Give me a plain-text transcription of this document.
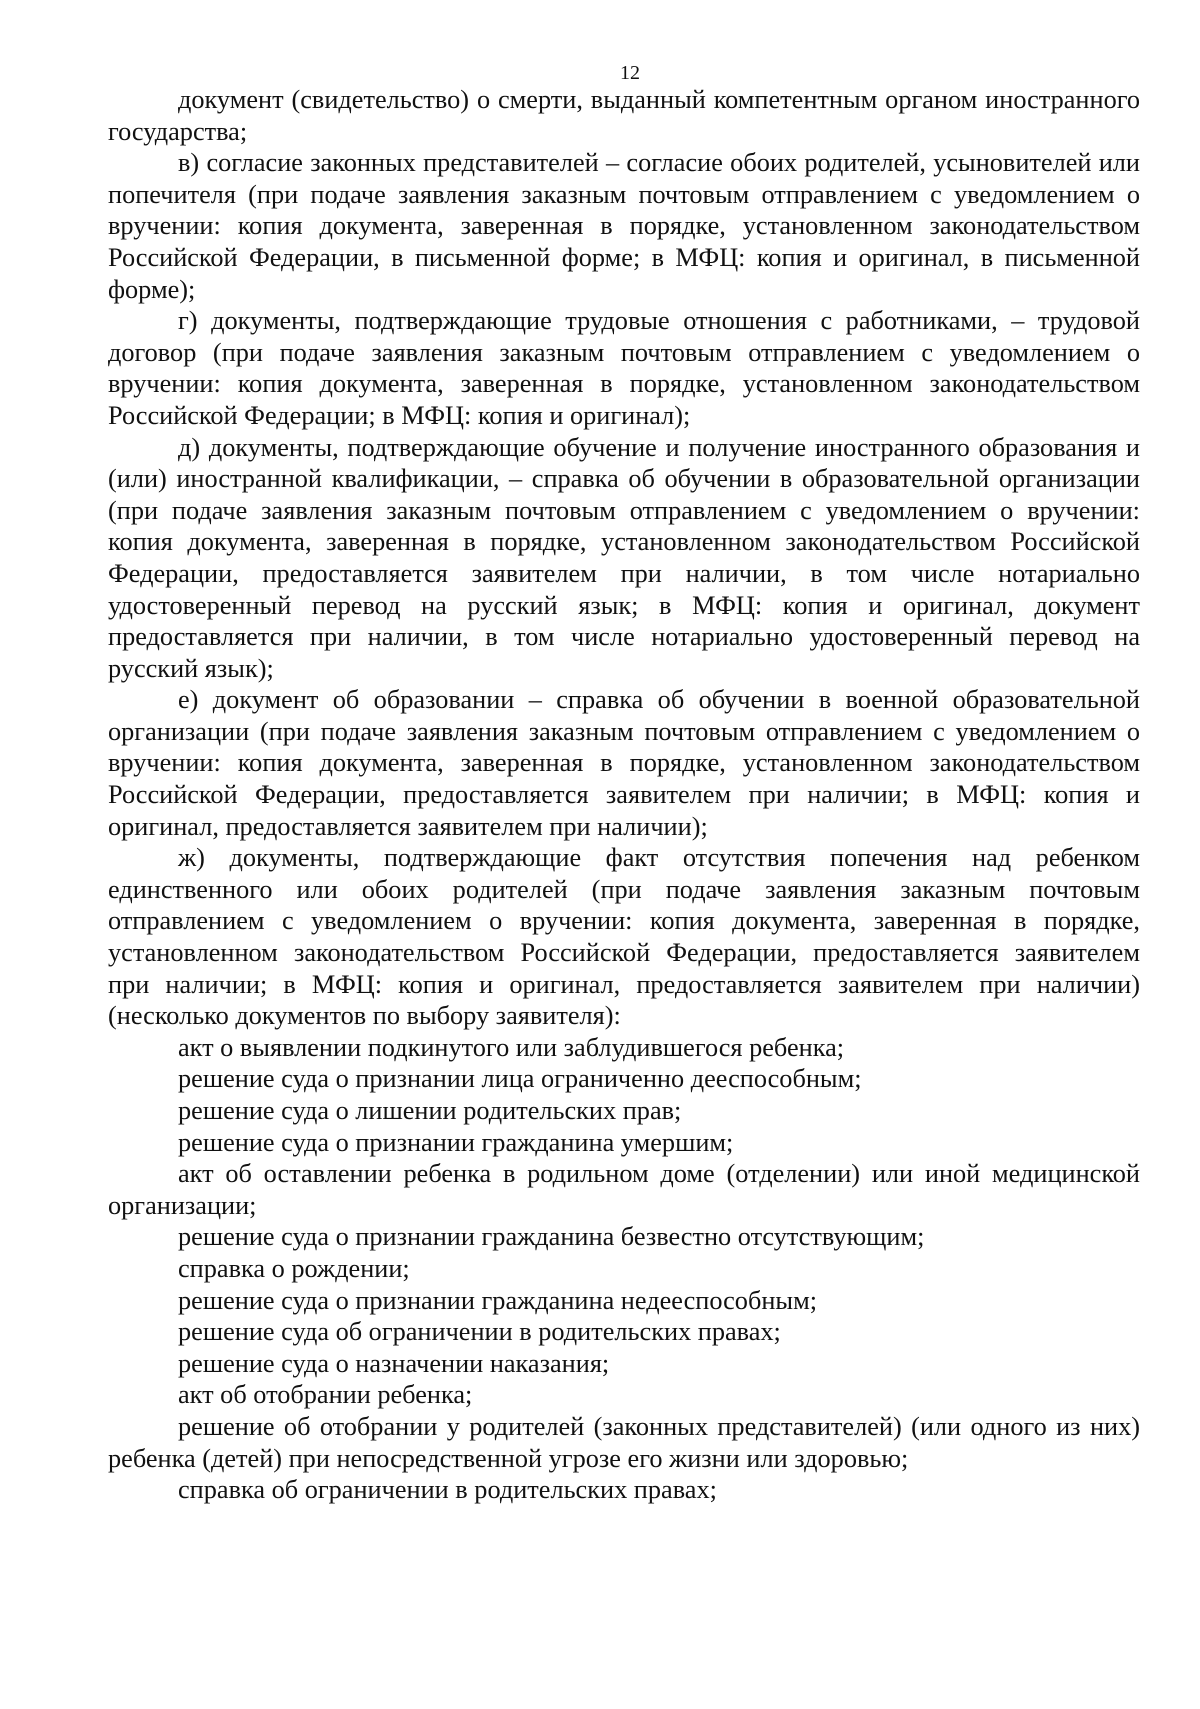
12

документ (свидетельство) о смерти, выданный компетентным органом иностранного государства;

в) согласие законных представителей – согласие обоих родителей, усыновителей или попечителя (при подаче заявления заказным почтовым отправлением с уведомлением о вручении: копия документа, заверенная в порядке, установленном законодательством Российской Федерации, в письменной форме; в МФЦ: копия и оригинал, в письменной форме);

г) документы, подтверждающие трудовые отношения с работниками, – трудовой договор (при подаче заявления заказным почтовым отправлением с уведомлением о вручении: копия документа, заверенная в порядке, установленном законодательством Российской Федерации; в МФЦ: копия и оригинал);

д) документы, подтверждающие обучение и получение иностранного образования и (или) иностранной квалификации, – справка об обучении в образовательной организации (при подаче заявления заказным почтовым отправлением с уведомлением о вручении: копия документа, заверенная в порядке, установленном законодательством Российской Федерации, предоставляется заявителем при наличии, в том числе нотариально удостоверенный перевод на русский язык; в МФЦ: копия и оригинал, документ предоставляется при наличии, в том числе нотариально удостоверенный перевод на русский язык);

е) документ об образовании – справка об обучении в военной образовательной организации (при подаче заявления заказным почтовым отправлением с уведомлением о вручении: копия документа, заверенная в порядке, установленном законодательством Российской Федерации, предоставляется заявителем при наличии; в МФЦ: копия и оригинал, предоставляется заявителем при наличии);

ж) документы, подтверждающие факт отсутствия попечения над ребенком единственного или обоих родителей (при подаче заявления заказным почтовым отправлением с уведомлением о вручении: копия документа, заверенная в порядке, установленном законодательством Российской Федерации, предоставляется заявителем при наличии; в МФЦ: копия и оригинал, предоставляется заявителем при наличии) (несколько документов по выбору заявителя):

акт о выявлении подкинутого или заблудившегося ребенка;

решение суда о признании лица ограниченно дееспособным;

решение суда о лишении родительских прав;

решение суда о признании гражданина умершим;

акт об оставлении ребенка в родильном доме (отделении) или иной медицинской организации;

решение суда о признании гражданина безвестно отсутствующим;

справка о рождении;

решение суда о признании гражданина недееспособным;

решение суда об ограничении в родительских правах;

решение суда о назначении наказания;

акт об отобрании ребенка;

решение об отобрании у родителей (законных представителей) (или одного из них) ребенка (детей) при непосредственной угрозе его жизни или здоровью;

справка об ограничении в родительских правах;
